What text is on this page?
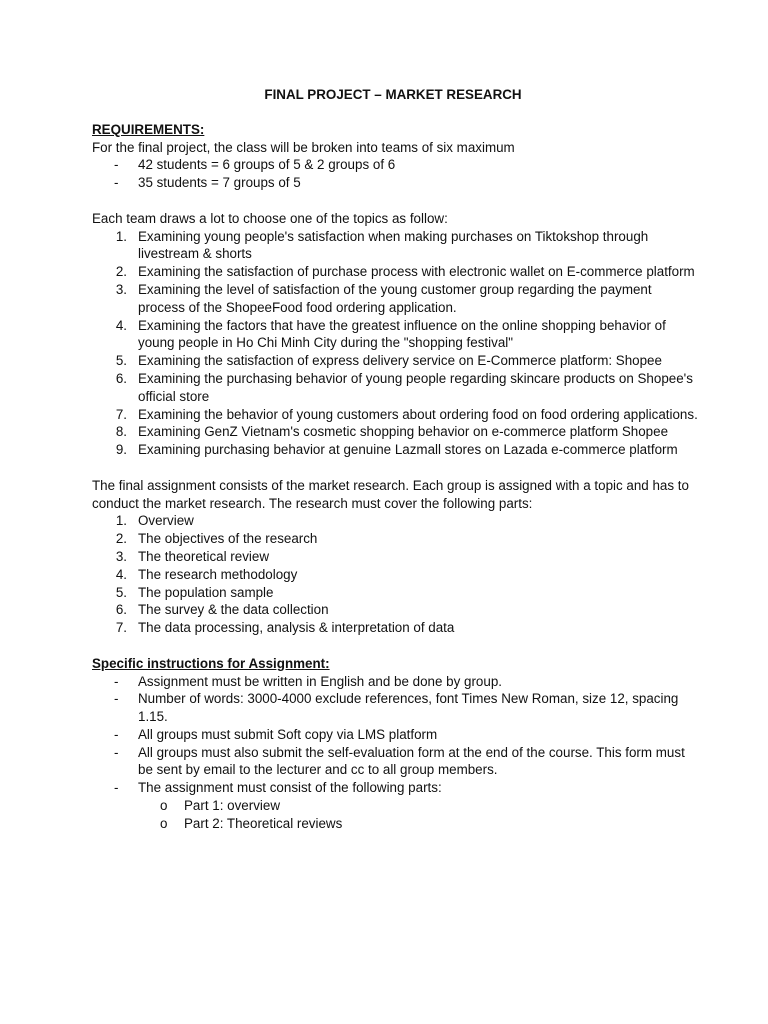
FINAL PROJECT – MARKET RESEARCH

REQUIREMENTS:

For the final project, the class will be broken into teams of six maximum

-	42 students = 6 groups of 5 & 2 groups of 6
-	35 students = 7 groups of 5

Each team draws a lot to choose one of the topics as follow:

1. Examining young people's satisfaction when making purchases on Tiktokshop through livestream & shorts
2. Examining the satisfaction of purchase process with electronic wallet on E-commerce platform
3. Examining the level of satisfaction of the young customer group regarding the payment process of the ShopeeFood food ordering application.
4. Examining the factors that have the greatest influence on the online shopping behavior of young people in Ho Chi Minh City during the "shopping festival"
5. Examining the satisfaction of express delivery service on E-Commerce platform: Shopee
6. Examining the purchasing behavior of young people regarding skincare products on Shopee's official store
7. Examining the behavior of young customers about ordering food on food ordering applications.
8. Examining GenZ Vietnam's cosmetic shopping behavior on e-commerce platform Shopee
9. Examining purchasing behavior at genuine Lazmall stores on Lazada e-commerce platform

The final assignment consists of the market research. Each group is assigned with a topic and has to conduct the market research. The research must cover the following parts:

1. Overview
2. The objectives of the research
3. The theoretical review
4. The research methodology
5. The population sample
6. The survey & the data collection
7. The data processing, analysis & interpretation of data

Specific instructions for Assignment:

-	Assignment must be written in English and be done by group.
-	Number of words: 3000-4000 exclude references, font Times New Roman, size 12, spacing 1.15.
-	All groups must submit Soft copy via LMS platform
-	All groups must also submit the self-evaluation form at the end of the course. This form must be sent by email to the lecturer and cc to all group members.
-	The assignment must consist of the following parts:
o	Part 1: overview
o	Part 2: Theoretical reviews
